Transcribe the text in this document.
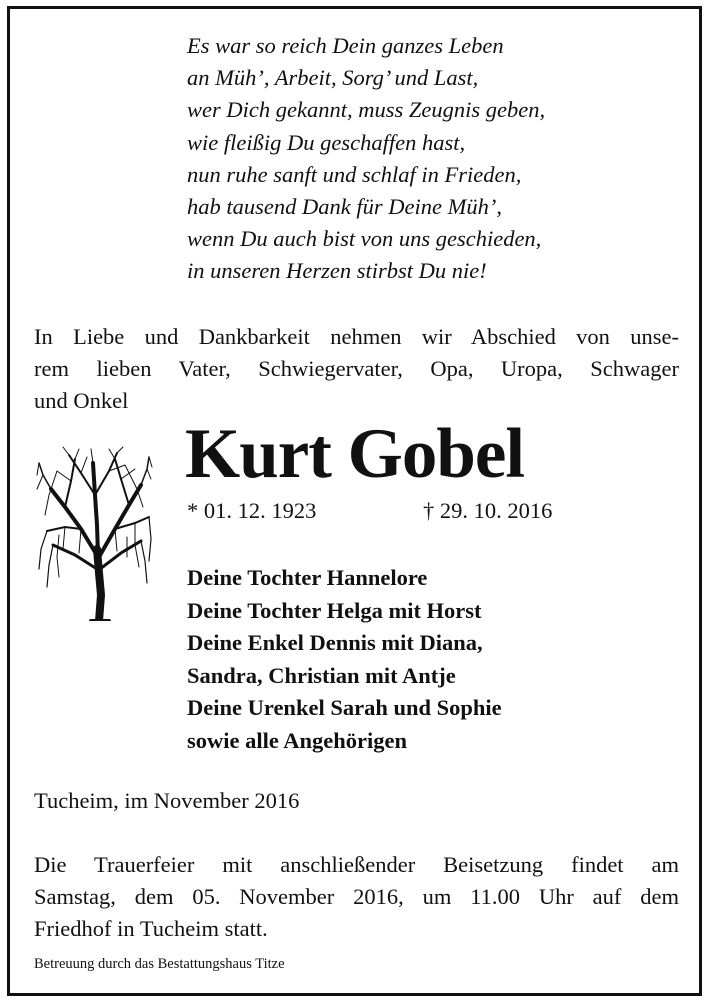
Es war so reich Dein ganzes Leben
an Müh’, Arbeit, Sorg’ und Last,
wer Dich gekannt, muss Zeugnis geben,
wie fleißig Du geschaffen hast,
nun ruhe sanft und schlaf in Frieden,
hab tausend Dank für Deine Müh’,
wenn Du auch bist von uns geschieden,
in unseren Herzen stirbst Du nie!
In Liebe und Dankbarkeit nehmen wir Abschied von unse-
rem lieben Vater, Schwiegervater, Opa, Uropa, Schwager
und Onkel
Kurt Gobel
* 01. 12. 1923	† 29. 10. 2016
Deine Tochter Hannelore
Deine Tochter Helga mit Horst
Deine Enkel Dennis mit Diana,
Sandra, Christian mit Antje
Deine Urenkel Sarah und Sophie
sowie alle Angehörigen
Tucheim, im November 2016
Die Trauerfeier mit anschließender Beisetzung findet am
Samstag, dem 05. November 2016, um 11.00 Uhr auf dem
Friedhof in Tucheim statt.
Betreuung durch das Bestattungshaus Titze
